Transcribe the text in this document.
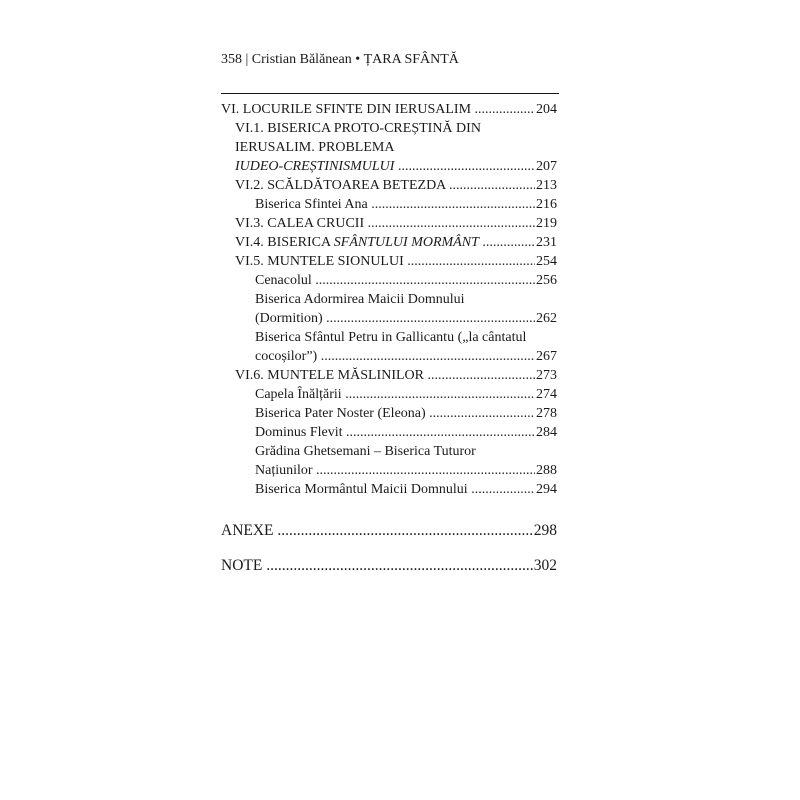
358 | Cristian Bălănean • ȚARA SFÂNTĂ
VI. LOCURILE SFINTE DIN IERUSALIM .....	204
VI.1. BISERICA PROTO-CREȘTINĂ DIN
IERUSALIM. PROBLEMA
IUDEO-CREȘTINISMULUI .....	207
VI.2. SCĂLDĂTOAREA BETEZDA .....	213
Biserica Sfintei Ana .....	216
VI.3. CALEA CRUCII .....	219
VI.4. BISERICA SFÂNTULUI MORMÂNT .....	231
VI.5. MUNTELE SIONULUI .....	254
Cenacolul .....	256
Biserica Adormirea Maicii Domnului
(Dormition) .....	262
Biserica Sfântul Petru in Gallicantu („la cântatul
cocoșilor”) .....	267
VI.6. MUNTELE MĂSLINILOR .....	273
Capela Înălțării .....	274
Biserica Pater Noster (Eleona) .....	278
Dominus Flevit .....	284
Grădina Ghetsemani – Biserica Tuturor
Națiunilor .....	288
Biserica Mormântul Maicii Domnului .....	294
ANEXE .....	298
NOTE .....	302
